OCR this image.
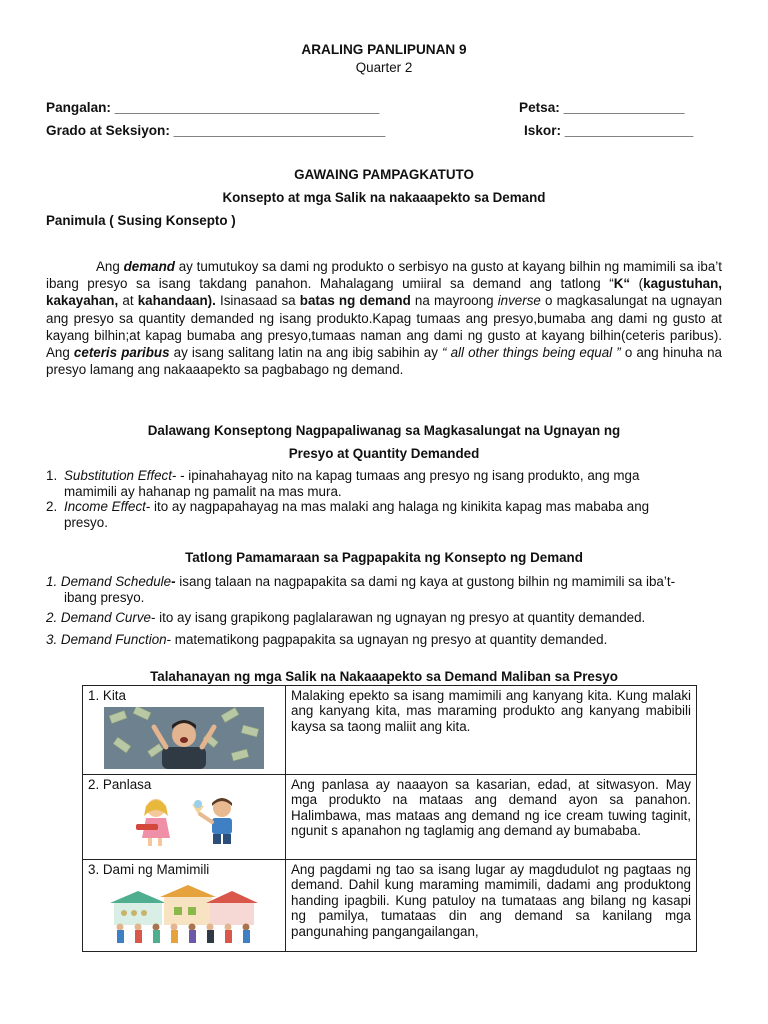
ARALING PANLIPUNAN 9
Quarter 2
Pangalan: ___________________________________	Petsa: ________________
Grado at Seksiyon: ____________________________	Iskor: _________________
GAWAING PAMPAGKATUTO
Konsepto at mga Salik na nakaaapekto sa Demand
Panimula ( Susing Konsepto )
Ang demand ay tumutukoy sa dami ng produkto o serbisyo na gusto at kayang bilhin ng mamimili sa iba’t ibang presyo sa isang takdang panahon. Mahalagang umiiral sa demand ang tatlong “K“ (kagustuhan, kakayahan, at kahandaan). Isinasaad sa batas ng demand na mayroong inverse o magkasalungat na ugnayan ang presyo sa quantity demanded ng isang produkto.Kapag tumaas ang presyo,bumaba ang dami ng gusto at kayang bilhin;at kapag bumaba ang presyo,tumaas naman ang dami ng gusto at kayang bilhin(ceteris paribus). Ang ceteris paribus ay isang salitang latin na ang ibig sabihin ay “ all other things being equal ” o ang hinuha na presyo lamang ang nakaaapekto sa pagbabago ng demand.
Dalawang Konseptong Nagpapaliwanag sa Magkasalungat na Ugnayan ng
Presyo at Quantity Demanded
1. Substitution Effect- - ipinahahayag nito na kapag tumaas ang presyo ng isang produkto, ang mga
mamimili ay hahanap ng pamalit na mas mura.
2. Income Effect- ito ay nagpapahayag na mas malaki ang halaga ng kinikita kapag mas mababa ang
presyo.
Tatlong Pamamaraan sa Pagpapakita ng Konsepto ng Demand
1. Demand Schedule- isang talaan na nagpapakita sa dami ng kaya at gustong bilhin ng mamimili sa iba’t-
ibang presyo.
2. Demand Curve- ito ay isang grapikong paglalarawan ng ugnayan ng presyo at quantity demanded.
3. Demand Function- matematikong pagpapakita sa ugnayan ng presyo at quantity demanded.
Talahanayan ng mga Salik na Nakaaapekto sa Demand Maliban sa Presyo
1. Kita	Malaking epekto sa isang mamimili ang kanyang kita. Kung malaki ang kanyang kita, mas maraming produkto ang kanyang mabibili kaysa sa taong maliit ang kita.

2. Panlasa	Ang panlasa ay naaayon sa kasarian, edad, at sitwasyon. May mga produkto na mataas ang demand ayon sa panahon. Halimbawa, mas mataas ang demand ng ice cream tuwing taginit, ngunit s apanahon ng taglamig ang demand ay bumababa.

3. Dami ng Mamimili	Ang pagdami ng tao sa isang lugar ay magdudulot ng pagtaas ng demand. Dahil kung maraming mamimili, dadami ang produktong handing ipagbili. Kung patuloy na tumataas ang bilang ng kasapi ng pamilya, tumataas din ang demand sa kanilang mga pangunahing pangangailangan,
